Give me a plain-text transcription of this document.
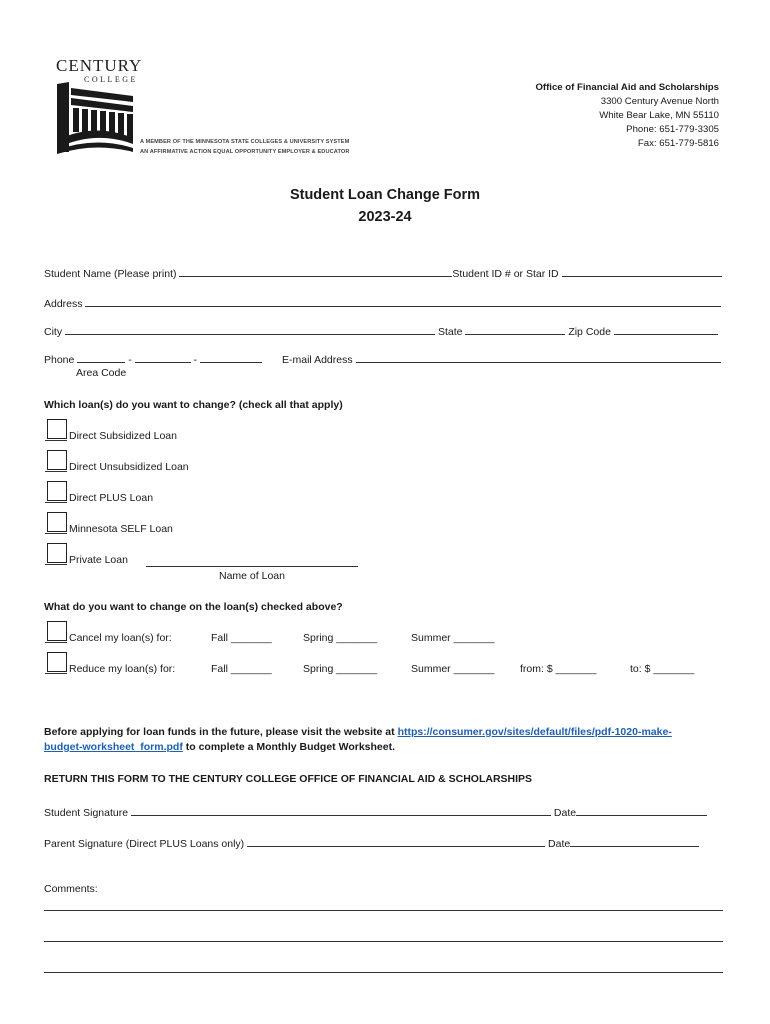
CENTURY
COLLEGE
A MEMBER OF THE MINNESOTA STATE COLLEGES & UNIVERSITY SYSTEM
AN AFFIRMATIVE ACTION EQUAL OPPORTUNITY EMPLOYER & EDUCATOR
Office of Financial Aid and Scholarships
3300 Century Avenue North
White Bear Lake, MN 55110
Phone: 651-779-3305
Fax: 651-779-5816
Student Loan Change Form
2023-24
Student Name (Please print)	Student ID # or Star ID
Address
City	State	Zip Code
Phone	-	-	E-mail Address
Area Code
Which loan(s) do you want to change? (check all that apply)
Direct Subsidized Loan
Direct Unsubsidized Loan
Direct PLUS Loan
Minnesota SELF Loan
Private Loan
Name of Loan
What do you want to change on the loan(s) checked above?
Cancel my loan(s) for:	Fall _______	Spring _______	Summer _______
Reduce my loan(s) for:	Fall _______	Spring _______	Summer _______ from: $ _______	to: $ _______
Before applying for loan funds in the future, please visit the website at https://consumer.gov/sites/default/files/pdf-1020-make-
budget-worksheet_form.pdf to complete a Monthly Budget Worksheet.
RETURN THIS FORM TO THE CENTURY COLLEGE OFFICE OF FINANCIAL AID & SCHOLARSHIPS
Student Signature	Date
Parent Signature (Direct PLUS Loans only)	Date
Comments:
